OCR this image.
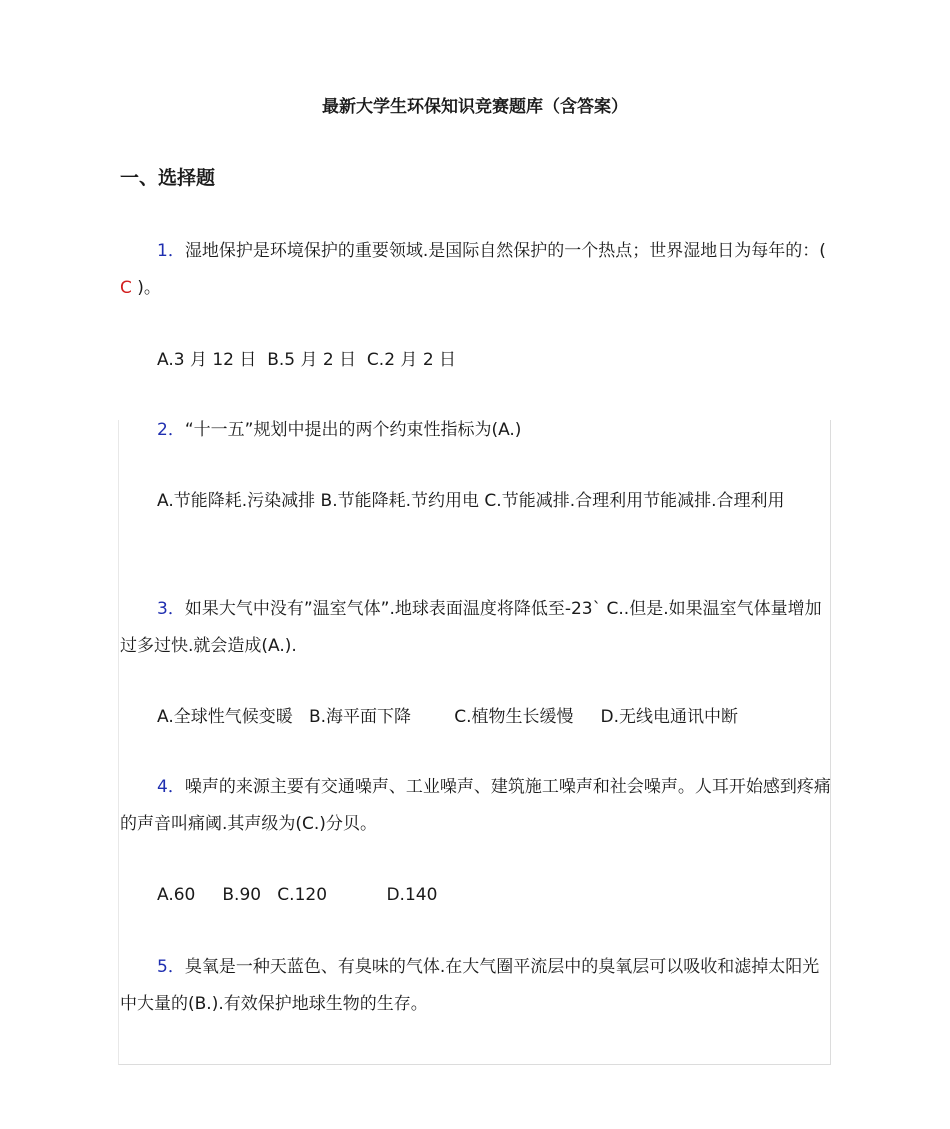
最新大学生环保知识竞赛题库（含答案）
一、选择题

1．湿地保护是环境保护的重要领域.是国际自然保护的一个热点；世界湿地日为每年的：( C )。

A.3 月 12 日  B.5 月 2 日  C.2 月 2 日

2．“十一五”规划中提出的两个约束性指标为(A.)

A.节能降耗.污染减排 B.节能降耗.节约用电 C.节能减排.合理利用节能减排.合理利用

3．如果大气中没有”温室气体”.地球表面温度将降低至-23` C..但是.如果温室气体量增加过多过快.就会造成(A.).

A.全球性气候变暖   B.海平面下降        C.植物生长缓慢     D.无线电通讯中断

4．噪声的来源主要有交通噪声、工业噪声、建筑施工噪声和社会噪声。人耳开始感到疼痛的声音叫痛阈.其声级为(C.)分贝。

A.60     B.90   C.120           D.140

5．臭氧是一种天蓝色、有臭味的气体.在大气圈平流层中的臭氧层可以吸收和滤掉太阳光中大量的(B.).有效保护地球生物的生存。
